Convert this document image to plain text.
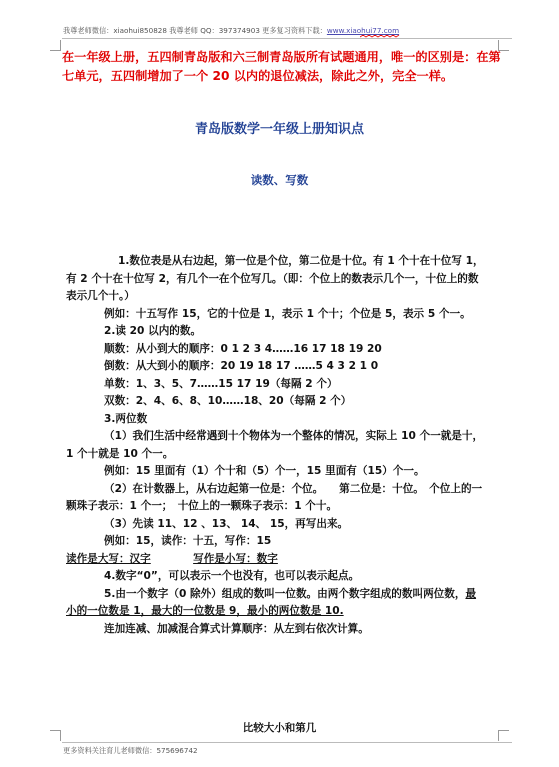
我尊老师微信：xiaohui850828 我尊老师 QQ：397374903 更多复习资料下载：www.xiaohui77.com
在一年级上册，五四制青岛版和六三制青岛版所有试题通用，唯一的区别是：在第七单元，五四制增加了一个 20 以内的退位减法，除此之外，完全一样。
青岛版数学一年级上册知识点
读数、写数

1.数位表是从右边起，第一位是个位，第二位是十位。有 1 个十在十位写 1，有 2 个十在十位写 2，有几个一在个位写几。（即：个位上的数表示几个一，十位上的数表示几个十。）

例如：十五写作 15，它的十位是 1，表示 1 个十；个位是 5，表示 5 个一。

2.读 20 以内的数。

顺数：从小到大的顺序：0 1 2 3 4……16 17 18 19 20

倒数：从大到小的顺序：20 19 18 17 ……5 4 3 2 1 0

单数：1、3、5、7……15 17 19（每隔 2 个）

双数：2、4、6、8、10……18、20（每隔 2 个）

3.两位数

（1）我们生活中经常遇到十个物体为一个整体的情况，实际上 10 个一就是十，1 个十就是 10 个一。

例如：15 里面有（1）个十和（5）个一，15 里面有（15）个一。

（2）在计数器上，从右边起第一位是：个位。　　第二位是：十位。　个位上的一颗珠子表示：1 个一；　十位上的一颗珠子表示：1 个十。

（3）先读 11、12 、13、 14、 15，再写出来。

例如：15，读作：十五，写作：15

读作是大写：汉字　　　　	写作是小写：数字

4.数字“0”，可以表示一个也没有，也可以表示起点。

5.由一个数字（0 除外）组成的数叫一位数。由两个数字组成的数叫两位数，最小的一位数是 1，最大的一位数是 9，最小的两位数是 10.

连加连减、加减混合算式计算顺序：从左到右依次计算。

比较大小和第几
更多资料关注育儿老师微信：575696742
